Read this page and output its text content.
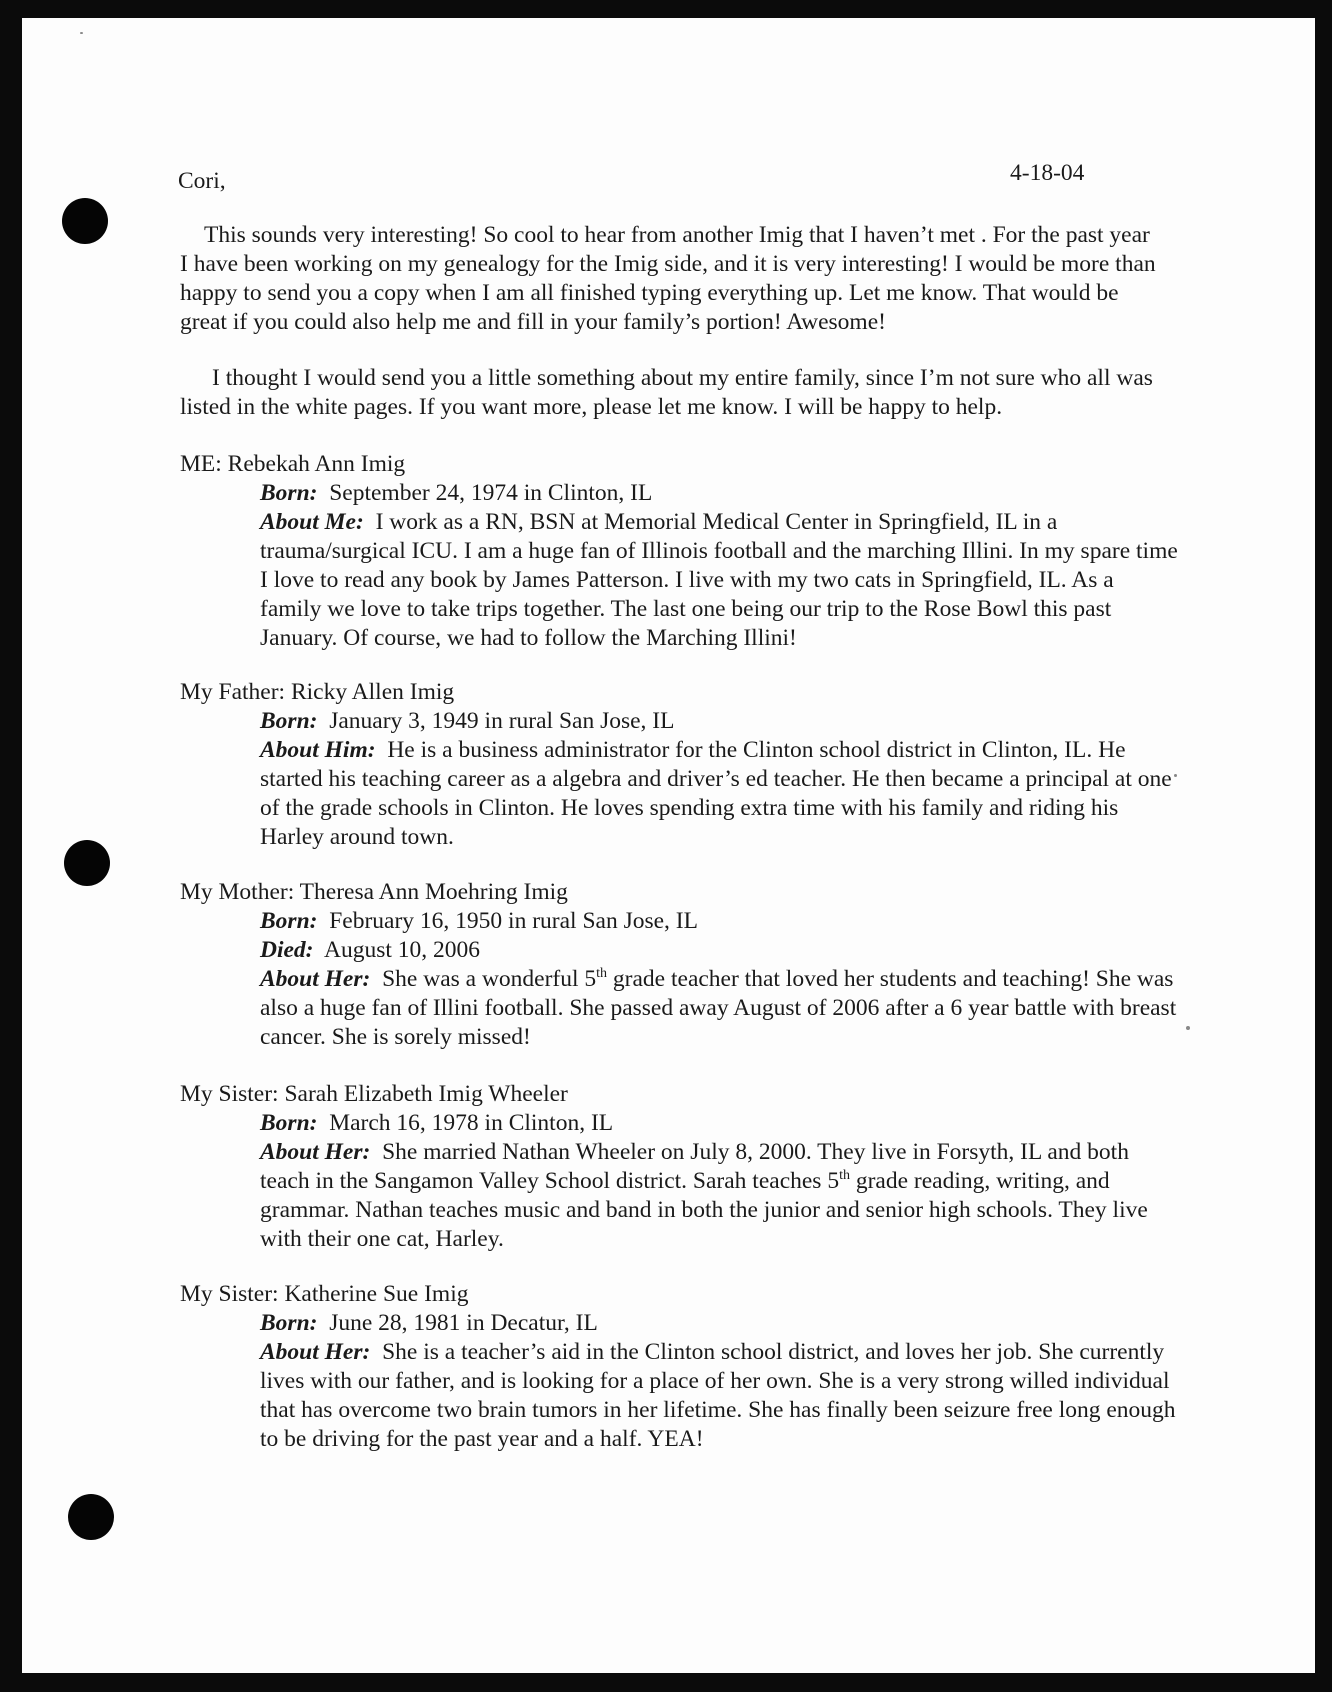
Cori,	4-18-04
This sounds very interesting! So cool to hear from another Imig that I haven’t met . For the past year I have been working on my genealogy for the Imig side, and it is very interesting! I would be more than happy to send you a copy when I am all finished typing everything up. Let me know. That would be great if you could also help me and fill in your family’s portion! Awesome!
I thought I would send you a little something about my entire family, since I’m not sure who all was listed in the white pages. If you want more, please let me know. I will be happy to help.
ME: Rebekah Ann Imig
Born: September 24, 1974 in Clinton, IL
About Me: I work as a RN, BSN at Memorial Medical Center in Springfield, IL in a trauma/surgical ICU. I am a huge fan of Illinois football and the marching Illini. In my spare time I love to read any book by James Patterson. I live with my two cats in Springfield, IL. As a family we love to take trips together. The last one being our trip to the Rose Bowl this past January. Of course, we had to follow the Marching Illini!
My Father: Ricky Allen Imig
Born: January 3, 1949 in rural San Jose, IL
About Him: He is a business administrator for the Clinton school district in Clinton, IL. He started his teaching career as a algebra and driver’s ed teacher. He then became a principal at one of the grade schools in Clinton. He loves spending extra time with his family and riding his Harley around town.
My Mother: Theresa Ann Moehring Imig
Born: February 16, 1950 in rural San Jose, IL
Died: August 10, 2006
About Her: She was a wonderful 5th grade teacher that loved her students and teaching! She was also a huge fan of Illini football. She passed away August of 2006 after a 6 year battle with breast cancer. She is sorely missed!
My Sister: Sarah Elizabeth Imig Wheeler
Born: March 16, 1978 in Clinton, IL
About Her: She married Nathan Wheeler on July 8, 2000. They live in Forsyth, IL and both teach in the Sangamon Valley School district. Sarah teaches 5th grade reading, writing, and grammar. Nathan teaches music and band in both the junior and senior high schools. They live with their one cat, Harley.
My Sister: Katherine Sue Imig
Born: June 28, 1981 in Decatur, IL
About Her: She is a teacher’s aid in the Clinton school district, and loves her job. She currently lives with our father, and is looking for a place of her own. She is a very strong willed individual that has overcome two brain tumors in her lifetime. She has finally been seizure free long enough to be driving for the past year and a half. YEA!
